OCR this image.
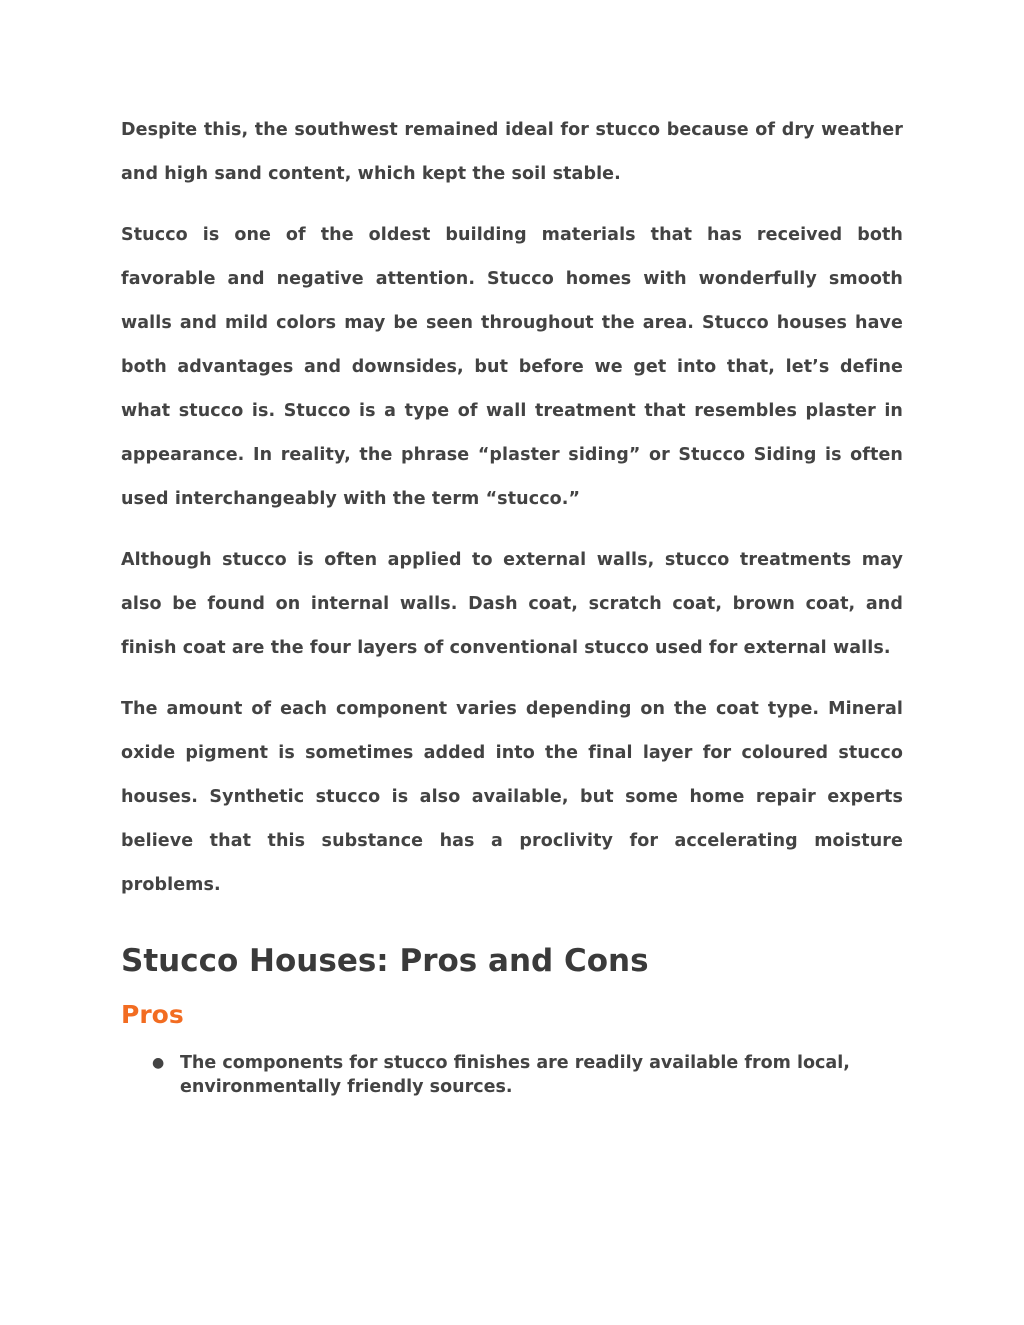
Despite this, the southwest remained ideal for stucco because of dry weather and high sand content, which kept the soil stable.

Stucco is one of the oldest building materials that has received both favorable and negative attention. Stucco homes with wonderfully smooth walls and mild colors may be seen throughout the area. Stucco houses have both advantages and downsides, but before we get into that, let’s define what stucco is. Stucco is a type of wall treatment that resembles plaster in appearance. In reality, the phrase “plaster siding” or Stucco Siding is often used interchangeably with the term “stucco.”

Although stucco is often applied to external walls, stucco treatments may also be found on internal walls. Dash coat, scratch coat, brown coat, and finish coat are the four layers of conventional stucco used for external walls.

The amount of each component varies depending on the coat type. Mineral oxide pigment is sometimes added into the final layer for coloured stucco houses. Synthetic stucco is also available, but some home repair experts believe that this substance has a proclivity for accelerating moisture problems.

Stucco Houses: Pros and Cons
Pros
● The components for stucco finishes are readily available from local, environmentally friendly sources.
